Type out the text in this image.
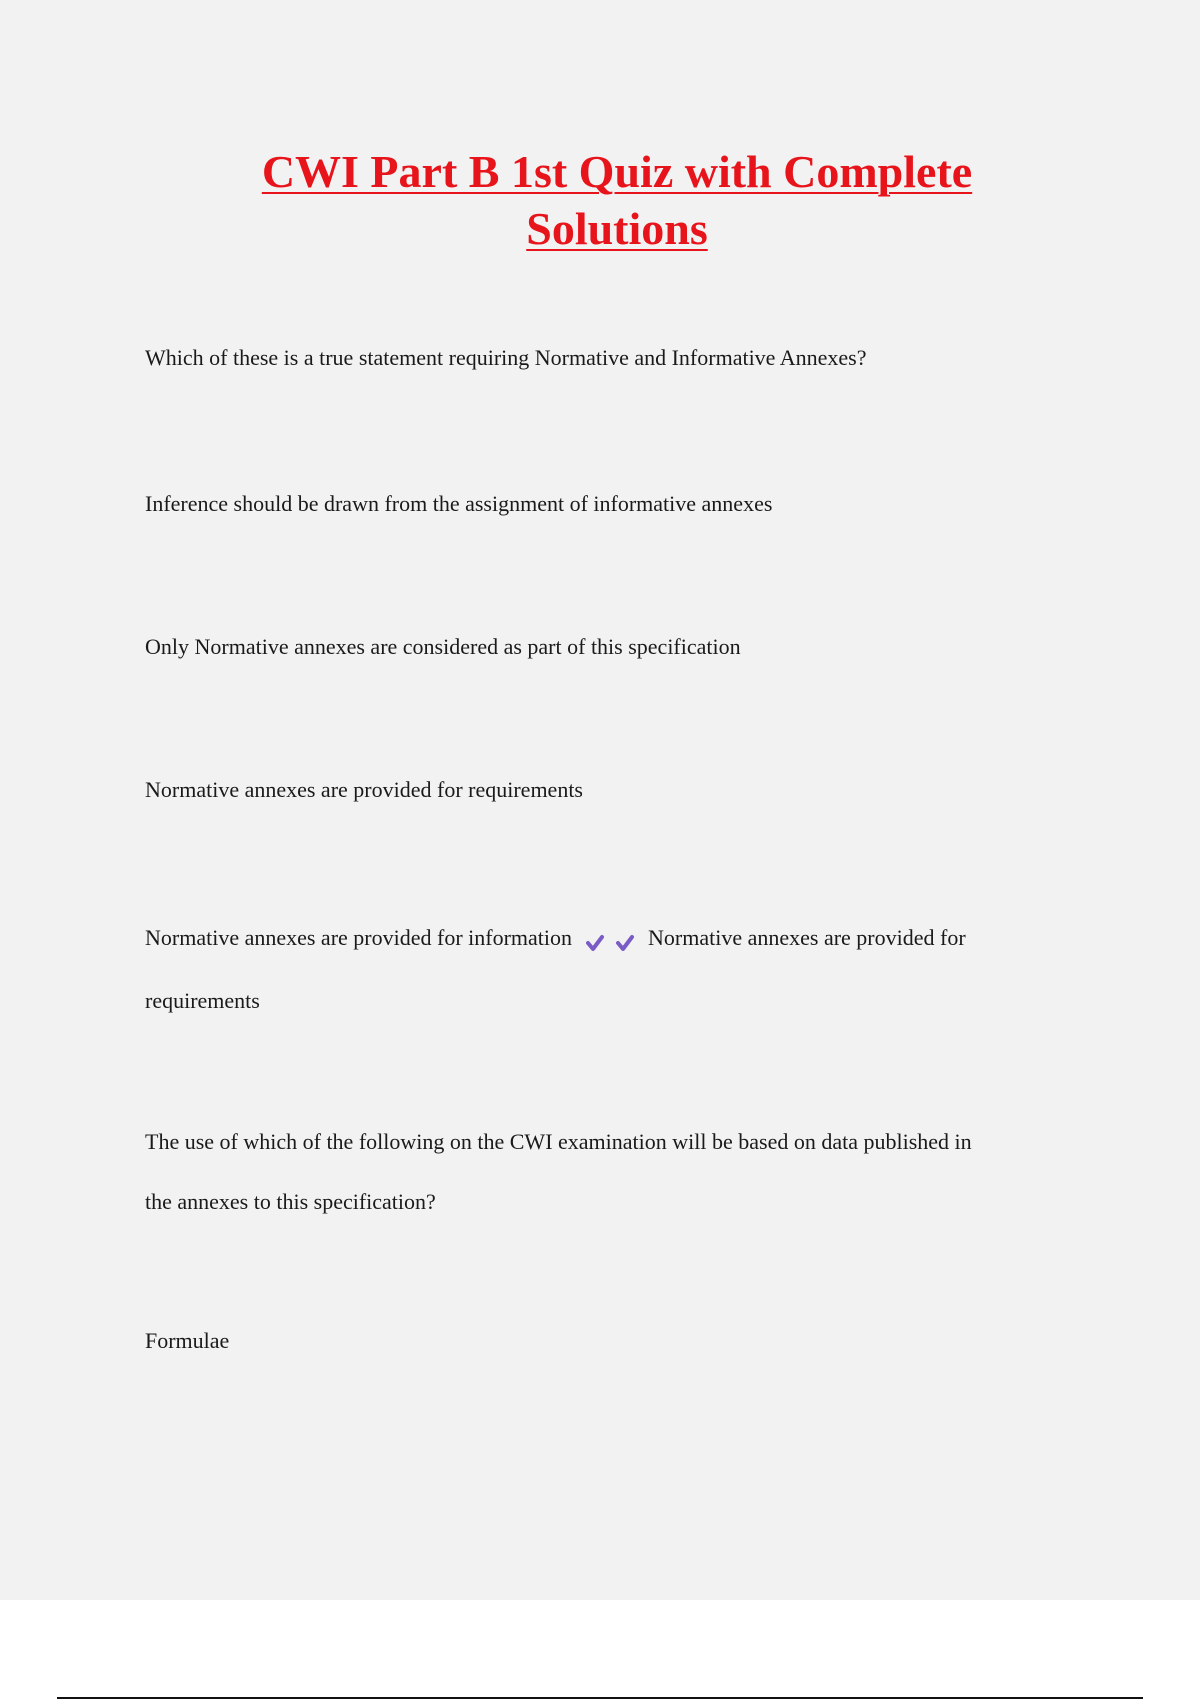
CWI Part B 1st Quiz with Complete
Solutions

Which of these is a true statement requiring Normative and Informative Annexes?

Inference should be drawn from the assignment of informative annexes

Only Normative annexes are considered as part of this specification

Normative annexes are provided for requirements

Normative annexes are provided for information	Normative annexes are provided for
requirements

The use of which of the following on the CWI examination will be based on data published in
the annexes to this specification?

Formulae
